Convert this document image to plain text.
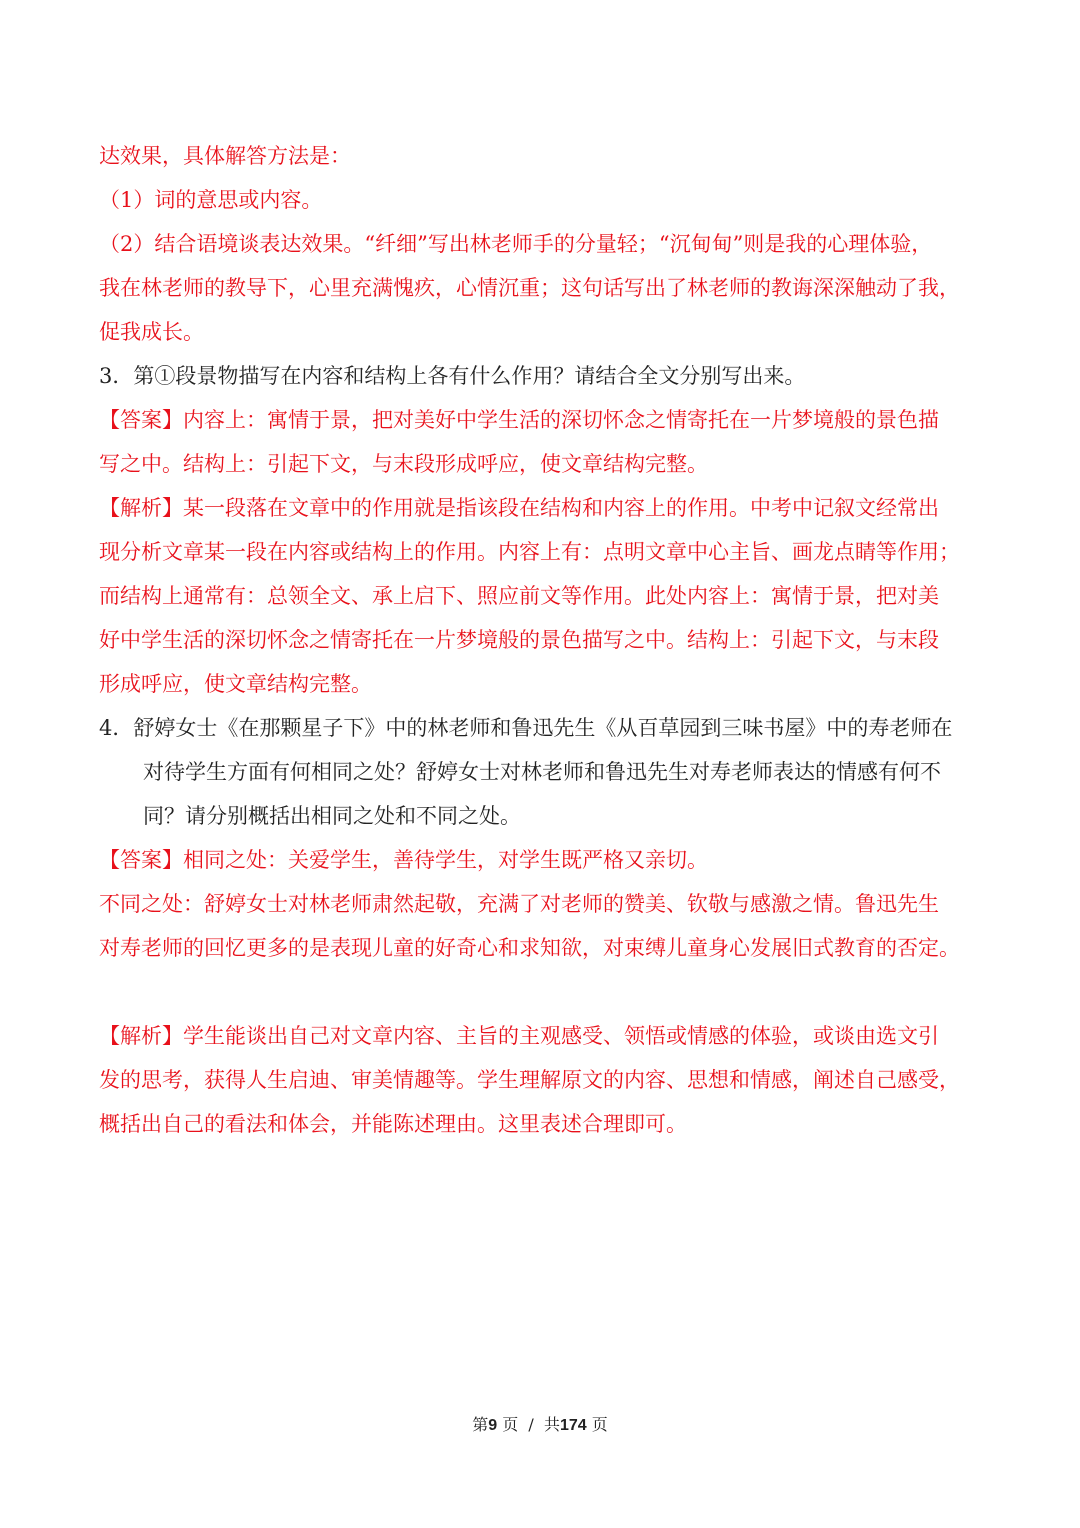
达效果，具体解答方法是：
（1）词的意思或内容。
（2）结合语境谈表达效果。“纤细”写出林老师手的分量轻；“沉甸甸”则是我的心理体验，
我在林老师的教导下，心里充满愧疚，心情沉重；这句话写出了林老师的教诲深深触动了我，
促我成长。
3．第①段景物描写在内容和结构上各有什么作用？请结合全文分别写出来。
【答案】内容上：寓情于景，把对美好中学生活的深切怀念之情寄托在一片梦境般的景色描
写之中。结构上：引起下文，与末段形成呼应，使文章结构完整。
【解析】某一段落在文章中的作用就是指该段在结构和内容上的作用。中考中记叙文经常出
现分析文章某一段在内容或结构上的作用。内容上有：点明文章中心主旨、画龙点睛等作用；
而结构上通常有：总领全文、承上启下、照应前文等作用。此处内容上：寓情于景，把对美
好中学生活的深切怀念之情寄托在一片梦境般的景色描写之中。结构上：引起下文，与末段
形成呼应，使文章结构完整。
4．舒婷女士《在那颗星子下》中的林老师和鲁迅先生《从百草园到三味书屋》中的寿老师在
对待学生方面有何相同之处？舒婷女士对林老师和鲁迅先生对寿老师表达的情感有何不
同？请分别概括出相同之处和不同之处。
【答案】相同之处：关爱学生，善待学生，对学生既严格又亲切。
不同之处：舒婷女士对林老师肃然起敬，充满了对老师的赞美、钦敬与感激之情。鲁迅先生
对寿老师的回忆更多的是表现儿童的好奇心和求知欲，对束缚儿童身心发展旧式教育的否定。
【解析】学生能谈出自己对文章内容、主旨的主观感受、领悟或情感的体验，或谈由选文引
发的思考，获得人生启迪、审美情趣等。学生理解原文的内容、思想和情感，阐述自己感受，
概括出自己的看法和体会，并能陈述理由。这里表述合理即可。
第9 页  /  共174 页
